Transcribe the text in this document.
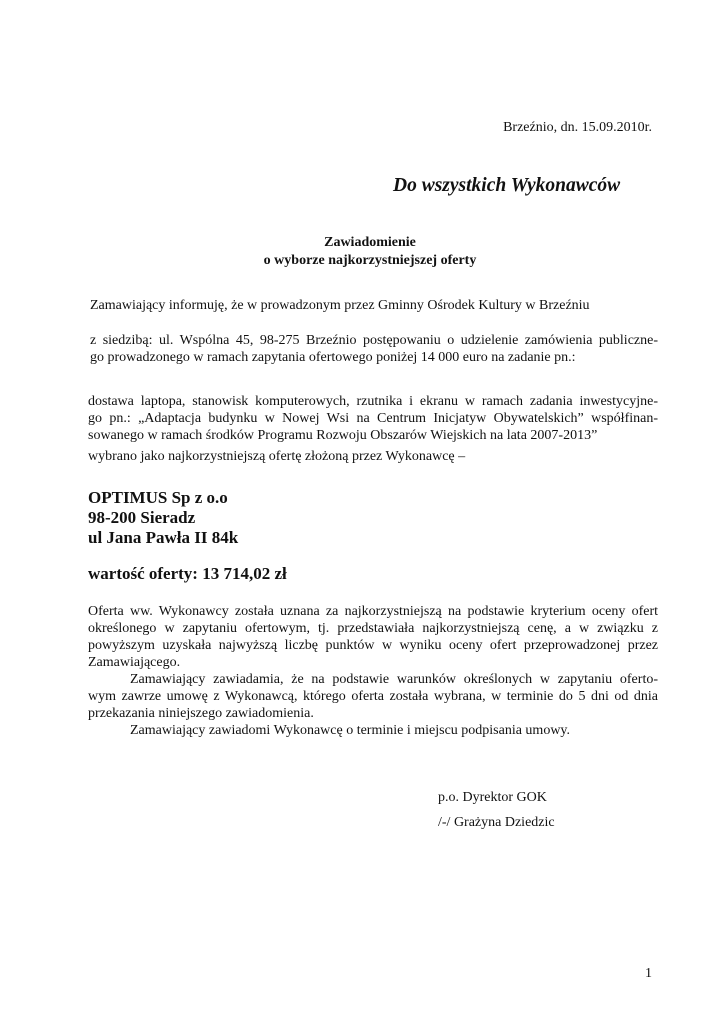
Brzeźnio, dn. 15.09.2010r.

Do wszystkich Wykonawców

Zawiadomienie
o wyborze najkorzystniejszej oferty

Zamawiający informuję, że w prowadzonym przez Gminny Ośrodek Kultury w Brzeźniu

z siedzibą: ul. Wspólna 45, 98-275 Brzeźnio postępowaniu o udzielenie zamówienia publiczne-
go prowadzonego w ramach zapytania ofertowego poniżej 14 000 euro na zadanie pn.:
dostawa laptopa, stanowisk komputerowych, rzutnika i ekranu w ramach zadania inwestycyjne-
go pn.: „Adaptacja budynku w Nowej Wsi na Centrum Inicjatyw Obywatelskich” współfinan-
sowanego w ramach środków Programu Rozwoju Obszarów Wiejskich na lata 2007-2013”

wybrano jako najkorzystniejszą ofertę złożoną przez Wykonawcę –

OPTIMUS Sp z o.o
98-200 Sieradz
ul Jana Pawła II 84k

wartość oferty: 13 714,02 zł

Oferta ww. Wykonawcy została uznana za najkorzystniejszą na podstawie kryterium oceny ofert
określonego w zapytaniu ofertowym, tj. przedstawiała najkorzystniejszą cenę, a w związku z
powyższym uzyskała najwyższą liczbę punktów w wyniku oceny ofert przeprowadzonej przez
Zamawiającego.
Zamawiający zawiadamia, że na podstawie warunków określonych w zapytaniu oferto-
wym zawrze umowę z Wykonawcą, którego oferta została wybrana, w terminie do 5 dni od dnia
przekazania niniejszego zawiadomienia.

Zamawiający zawiadomi Wykonawcę o terminie i miejscu podpisania umowy.

p.o. Dyrektor GOK

/-/ Grażyna Dziedzic

1
